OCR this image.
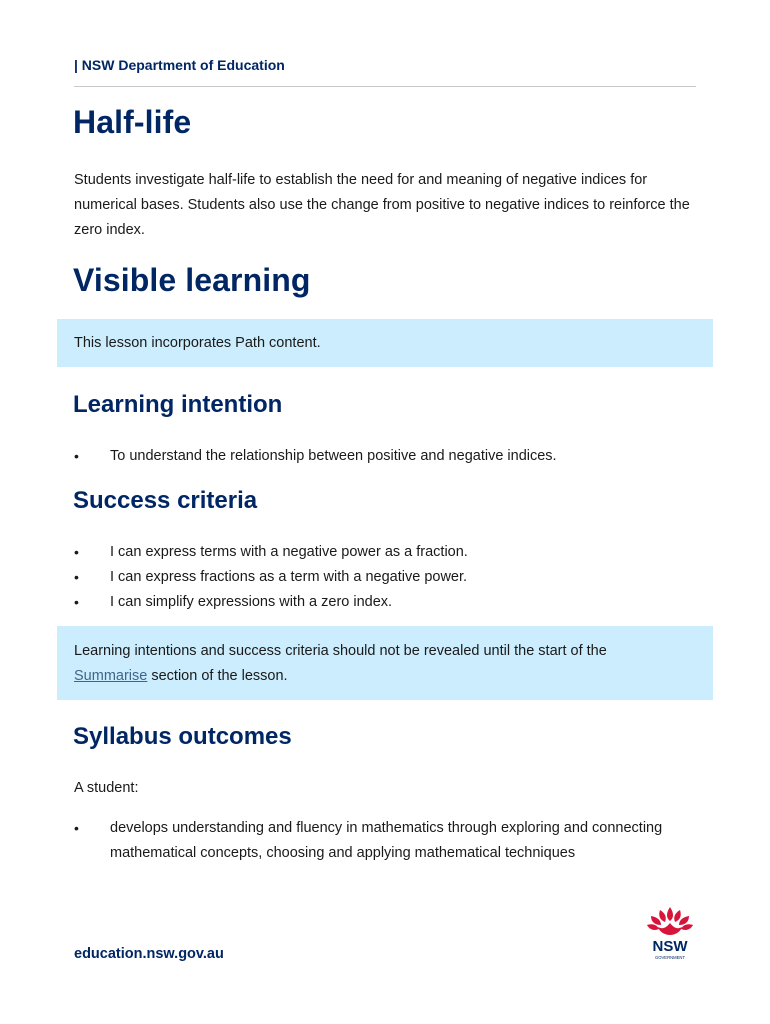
| NSW Department of Education
Half-life

Students investigate half-life to establish the need for and meaning of negative indices for numerical bases. Students also use the change from positive to negative indices to reinforce the zero index.

Visible learning
This lesson incorporates Path content.
Learning intention
• To understand the relationship between positive and negative indices.
Success criteria
• I can express terms with a negative power as a fraction.
• I can express fractions as a term with a negative power.
• I can simplify expressions with a zero index.
Learning intentions and success criteria should not be revealed until the start of the
Summarise section of the lesson.
Syllabus outcomes

A student:

• develops understanding and fluency in mathematics through exploring and connecting mathematical concepts, choosing and applying mathematical techniques
education.nsw.gov.au	NSW
GOVERNMENT
